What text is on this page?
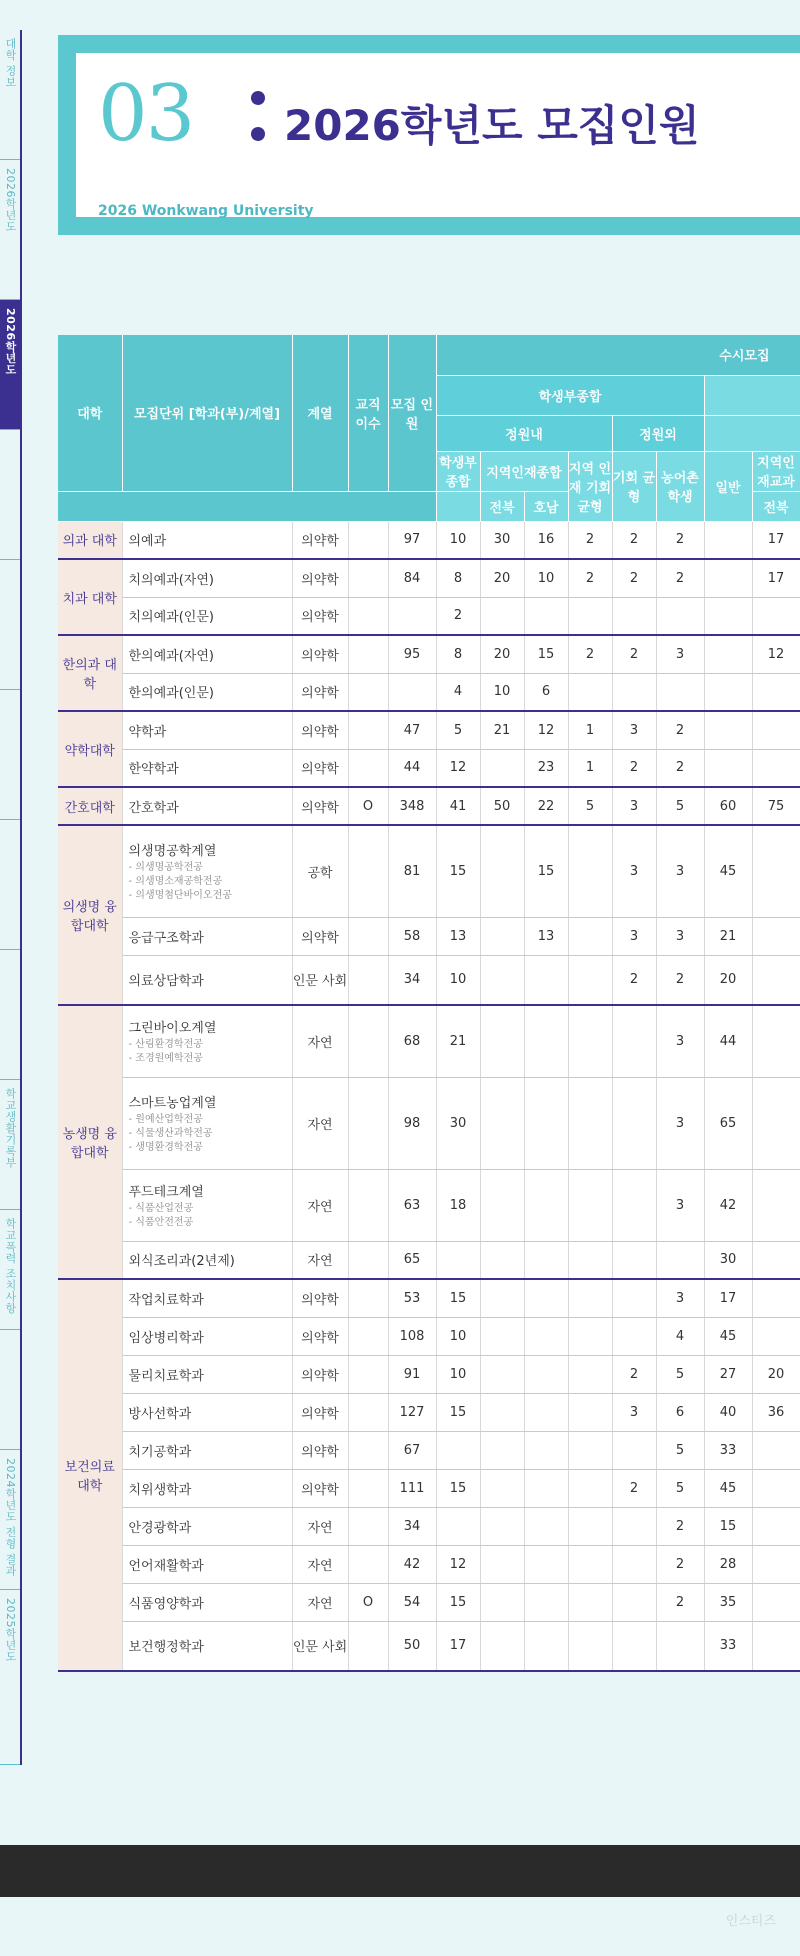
대학 정보
2026학년도
2026학년도
학교생활기록부
학교폭력 조치사항
2024학년도 전형 결과
2025학년도
03 2026학년도 모집인원
2026 Wonkwang University
대학	모집단위 [학과(부)/계열]	계열	교직 이수	모집 인원	수시모집								
					학생부종합								
					정원내				정원외				
					학생부 종합	지역인재종합		지역 인재 기회 균형	기회 균형	농어촌 학생	일반	지역인재교과	
						전북	호남					전북	
의과 대학	의예과	의약학		97	10	30	16	2	2	2		17	
치과 대학	치의예과(자연)	의약학		84	8	20	10	2	2	2		17	

	치의예과(인문)	의약학			2								
한의과 대학	한의예과(자연)	의약학		95	8	20	15	2	2	3		12	

	한의예과(인문)	의약학			4	10	6						
약학대학	약학과	의약학		47	5	21	12	1	3	2			

	한약학과	의약학		44	12		23	1	2	2			
간호대학	간호학과	의약학	O	348	41	50	22	5	3	5	60	75	
의생명 융합대학	의생명공학계열
- 의생명공학전공
- 의생명소재공학전공
- 의생명첨단바이오전공	공학		81	15		15		3	3	45		

	응급구조학과	의약학		58	13		13		3	3	21		

	의료상담학과	인문 사회		34	10				2	2	20		
농생명 융합대학	그린바이오계열
- 산림환경학전공
- 조경원예학전공	자연		68	21					3	44		

	스마트농업계열
- 원예산업학전공
- 식물생산과학전공
- 생명환경학전공	자연		98	30					3	65		

	푸드테크계열
- 식품산업전공
- 식품안전전공	자연		63	18					3	42		

	외식조리과(2년제)	자연		65							30		
보건의료 대학	작업치료학과	의약학		53	15					3	17		

	임상병리학과	의약학		108	10					4	45		

	물리치료학과	의약학		91	10				2	5	27	20	

	방사선학과	의약학		127	15				3	6	40	36	

	치기공학과	의약학		67						5	33		

	치위생학과	의약학		111	15				2	5	45		

	안경광학과	자연		34						2	15		

	언어재활학과	자연		42	12					2	28		

	식품영양학과	자연	O	54	15					2	35		

	보건행정학과	인문 사회		50	17						33		
인스티즈
